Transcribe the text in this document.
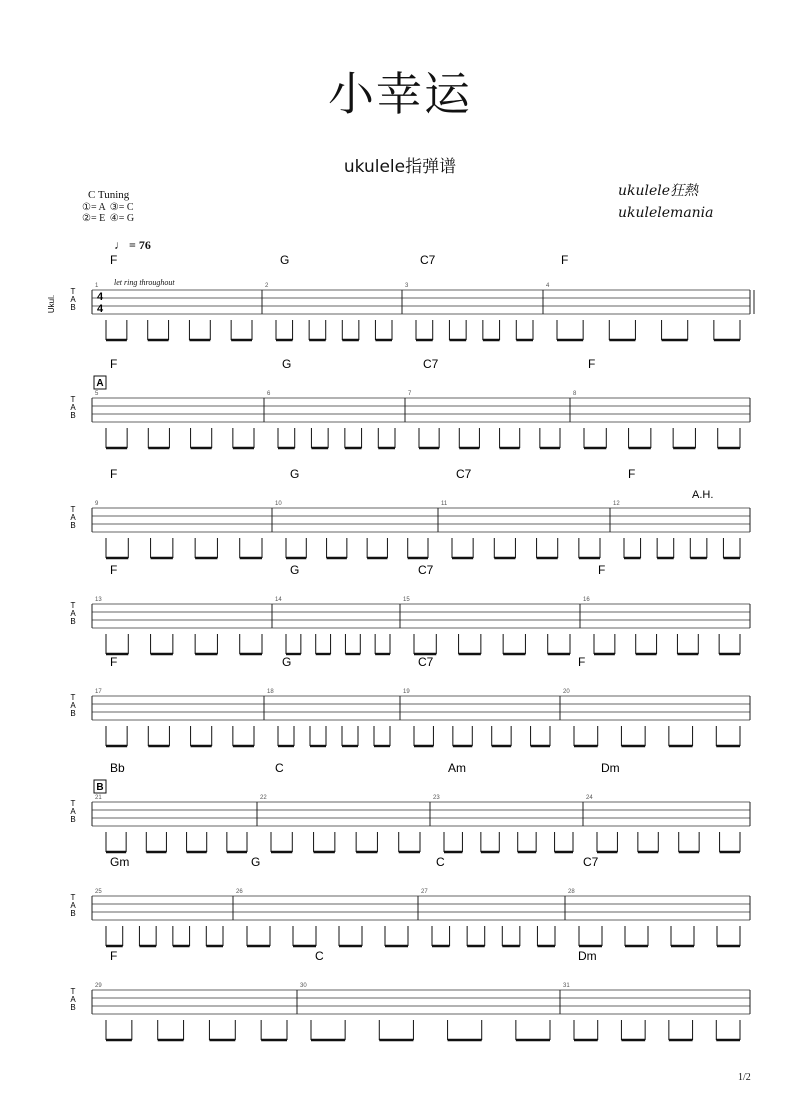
小幸运
ukulele指弹谱
ukulele狂熱
ukulelemania
C Tuning
①= A	③= C
②= E	④= G
♩ = 76
let ring throughout
Ukul.	4
4
T
A
B
1	2	3	4
F	G	C7	F
T
A
B
5	6	7	8
F	G	C7	F
A
T
A
B
9	10	11	12
F	G	C7	F
A.H.
T
A
B
13	14	15	16
F	G	C7	F
T
A
B
17	18	19	20
F	G	C7	F
T
A
B
21	22	23	24
Bb	C	Am	Dm
B
T
A
B
25	26	27	28
Gm	G	C	C7
T
A
B
29	30	31
F	C	Dm
1/2
